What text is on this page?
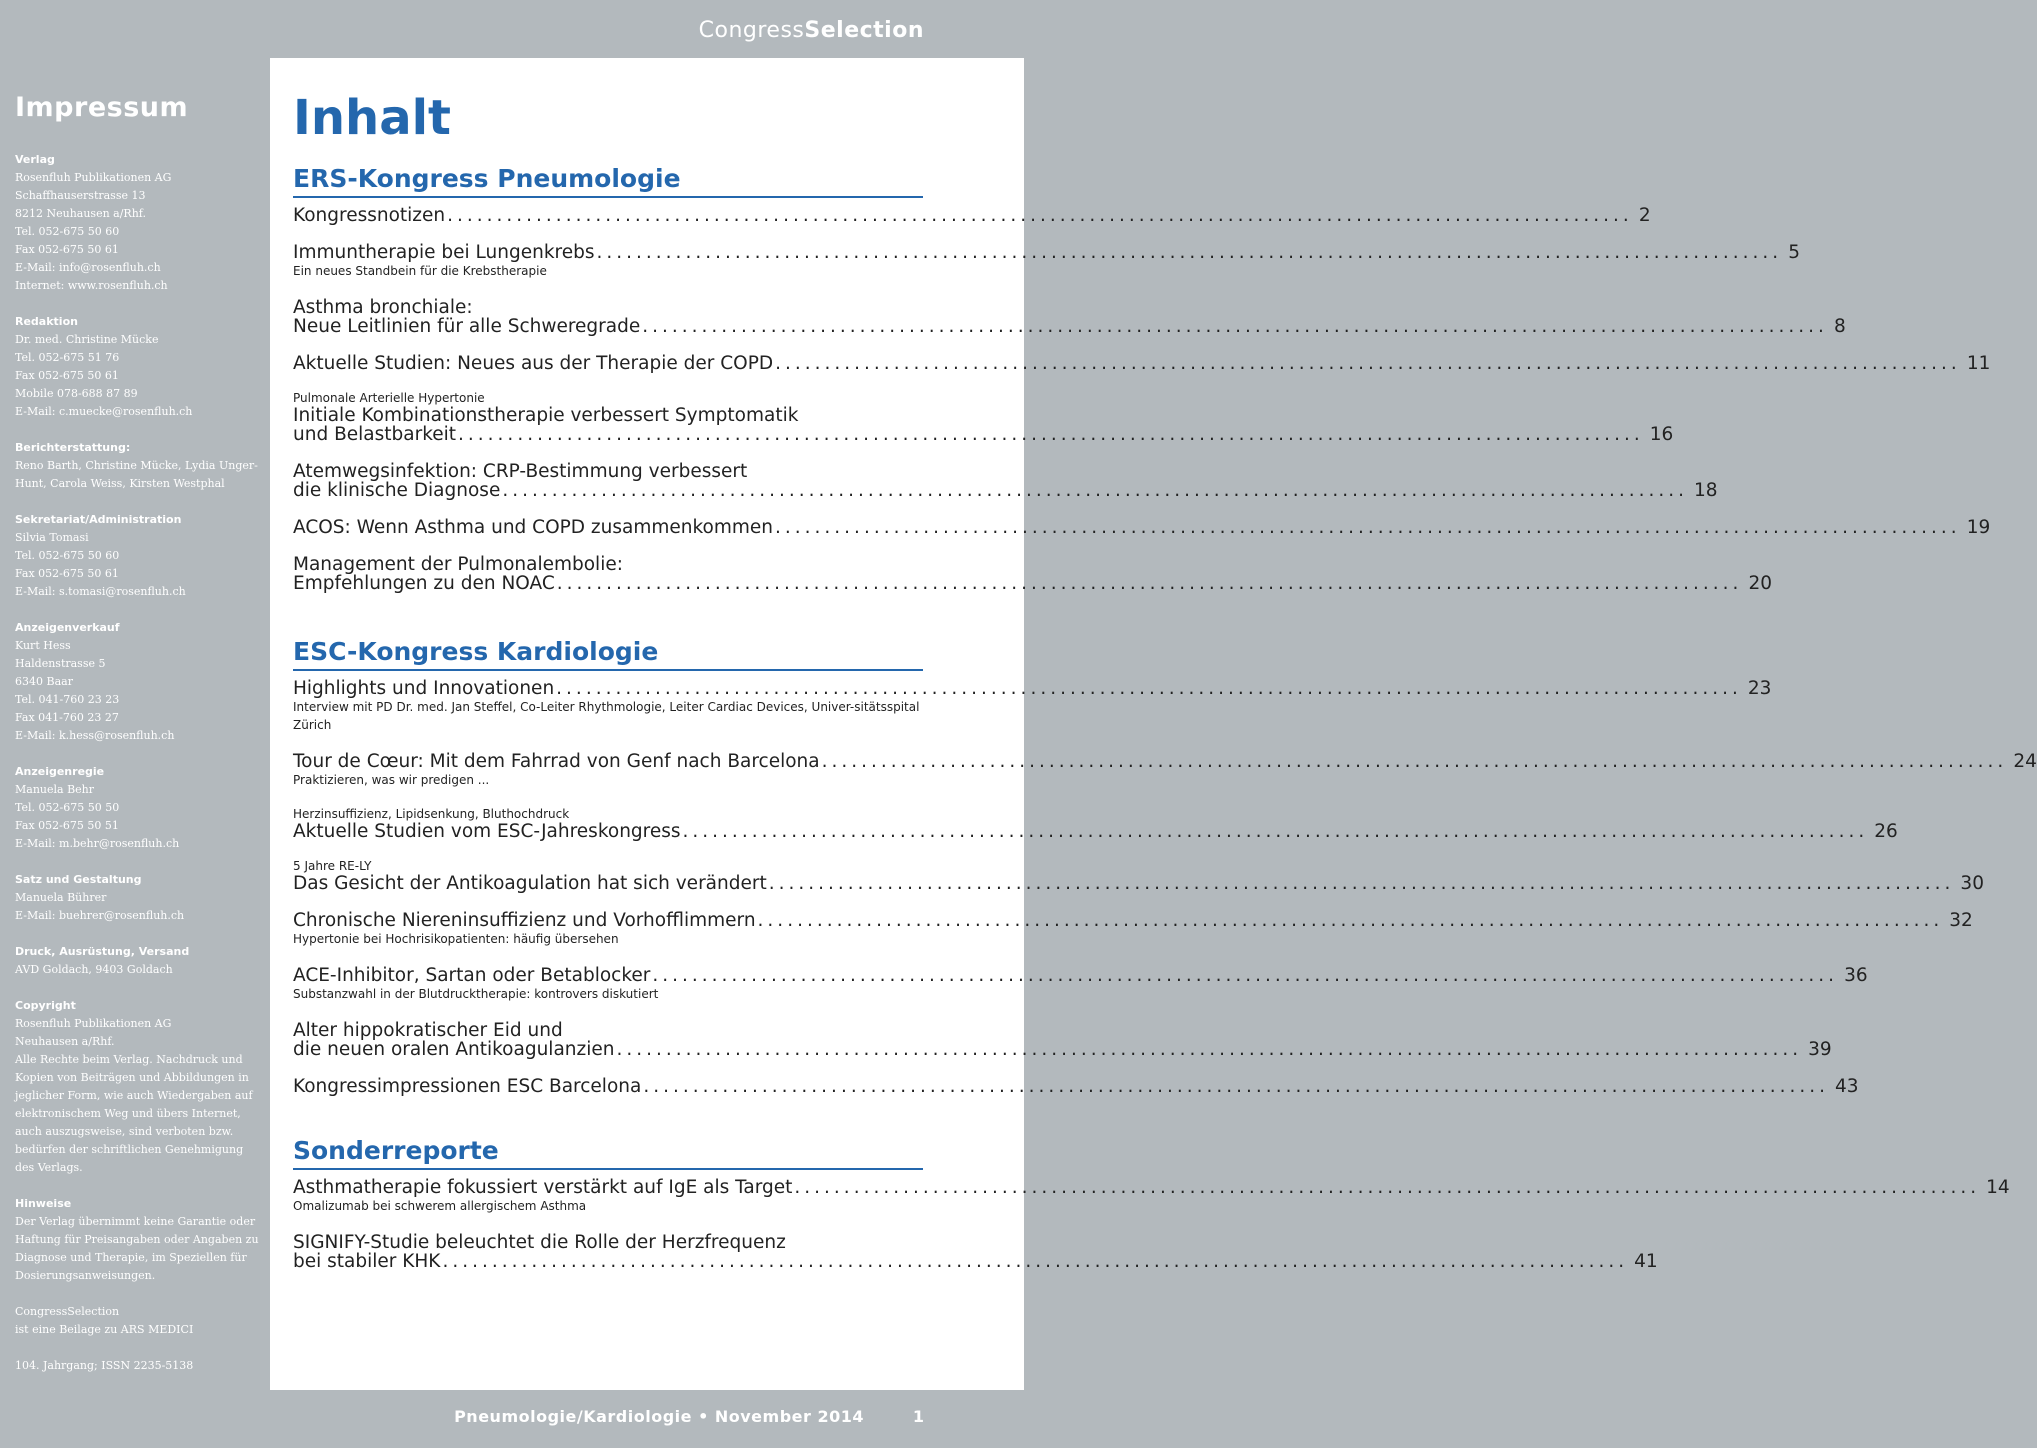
CongressSelection
Impressum
Verlag
Rosenfluh Publikationen AG
Schaffhauserstrasse 13
8212 Neuhausen a/Rhf.
Tel. 052-675 50 60
Fax 052-675 50 61
E-Mail: info@rosenfluh.ch
Internet: www.rosenfluh.ch
Redaktion
Dr. med. Christine Mücke
Tel. 052-675 51 76
Fax 052-675 50 61
Mobile 078-688 87 89
E-Mail: c.muecke@rosenfluh.ch
Berichterstattung:
Reno Barth, Christine Mücke, Lydia Unger-
Hunt, Carola Weiss, Kirsten Westphal
Sekretariat/Administration
Silvia Tomasi
Tel. 052-675 50 60
Fax 052-675 50 61
E-Mail: s.tomasi@rosenfluh.ch
Anzeigenverkauf
Kurt Hess
Haldenstrasse 5
6340 Baar
Tel. 041-760 23 23
Fax 041-760 23 27
E-Mail: k.hess@rosenfluh.ch
Anzeigenregie
Manuela Behr
Tel. 052-675 50 50
Fax 052-675 50 51
E-Mail: m.behr@rosenfluh.ch
Satz und Gestaltung
Manuela Bührer
E-Mail: buehrer@rosenfluh.ch
Druck, Ausrüstung, Versand
AVD Goldach, 9403 Goldach
Copyright
Rosenfluh Publikationen AG
Neuhausen a/Rhf.
Alle Rechte beim Verlag. Nachdruck und
Kopien von Beiträgen und Abbildungen in
jeglicher Form, wie auch Wiedergaben auf
elektronischem Weg und übers Internet,
auch auszugsweise, sind verboten bzw.
bedürfen der schriftlichen Genehmigung
des Verlags.
Hinweise
Der Verlag übernimmt keine Garantie oder
Haftung für Preisangaben oder Angaben zu
Diagnose und Therapie, im Speziellen für
Dosierungsanweisungen.
CongressSelection
ist eine Beilage zu ARS MEDICI
104. Jahrgang; ISSN 2235-5138
Inhalt
ERS-Kongress Pneumologie
Kongressnotizen ........................................................................................................................ 2
Immuntherapie bei Lungenkrebs ........................................................................................................................ 5
Ein neues Standbein für die Krebstherapie
Asthma bronchiale:
Neue Leitlinien für alle Schweregrade ........................................................................................................................ 8
Aktuelle Studien: Neues aus der Therapie der COPD ........................................................................................................................ 11
Pulmonale Arterielle Hypertonie
Initiale Kombinationstherapie verbessert Symptomatik
und Belastbarkeit ........................................................................................................................ 16
Atemwegsinfektion: CRP-Bestimmung verbessert
die klinische Diagnose ........................................................................................................................ 18
ACOS: Wenn Asthma und COPD zusammenkommen ........................................................................................................................ 19
Management der Pulmonalembolie:
Empfehlungen zu den NOAC ........................................................................................................................ 20
ESC-Kongress Kardiologie
Highlights und Innovationen ........................................................................................................................ 23
Interview mit PD Dr. med. Jan Steffel, Co-Leiter Rhythmologie, Leiter Cardiac Devices, Univer-sitätsspital Zürich
Tour de Cœur: Mit dem Fahrrad von Genf nach Barcelona ........................................................................................................................ 24
Praktizieren, was wir predigen ...
Herzinsuffizienz, Lipidsenkung, Bluthochdruck
Aktuelle Studien vom ESC-Jahreskongress ........................................................................................................................ 26
5 Jahre RE-LY
Das Gesicht der Antikoagulation hat sich verändert ........................................................................................................................ 30
Chronische Niereninsuffizienz und Vorhofflimmern ........................................................................................................................ 32
Hypertonie bei Hochrisikopatienten: häufig übersehen
ACE-Inhibitor, Sartan oder Betablocker ........................................................................................................................ 36
Substanzwahl in der Blutdrucktherapie: kontrovers diskutiert
Alter hippokratischer Eid und
die neuen oralen Antikoagulanzien ........................................................................................................................ 39
Kongressimpressionen ESC Barcelona ........................................................................................................................ 43
Sonderreporte
Asthmatherapie fokussiert verstärkt auf IgE als Target ........................................................................................................................ 14
Omalizumab bei schwerem allergischem Asthma
SIGNIFY-Studie beleuchtet die Rolle der Herzfrequenz
bei stabiler KHK ........................................................................................................................ 41
Pneumologie/Kardiologie • November 2014	1
